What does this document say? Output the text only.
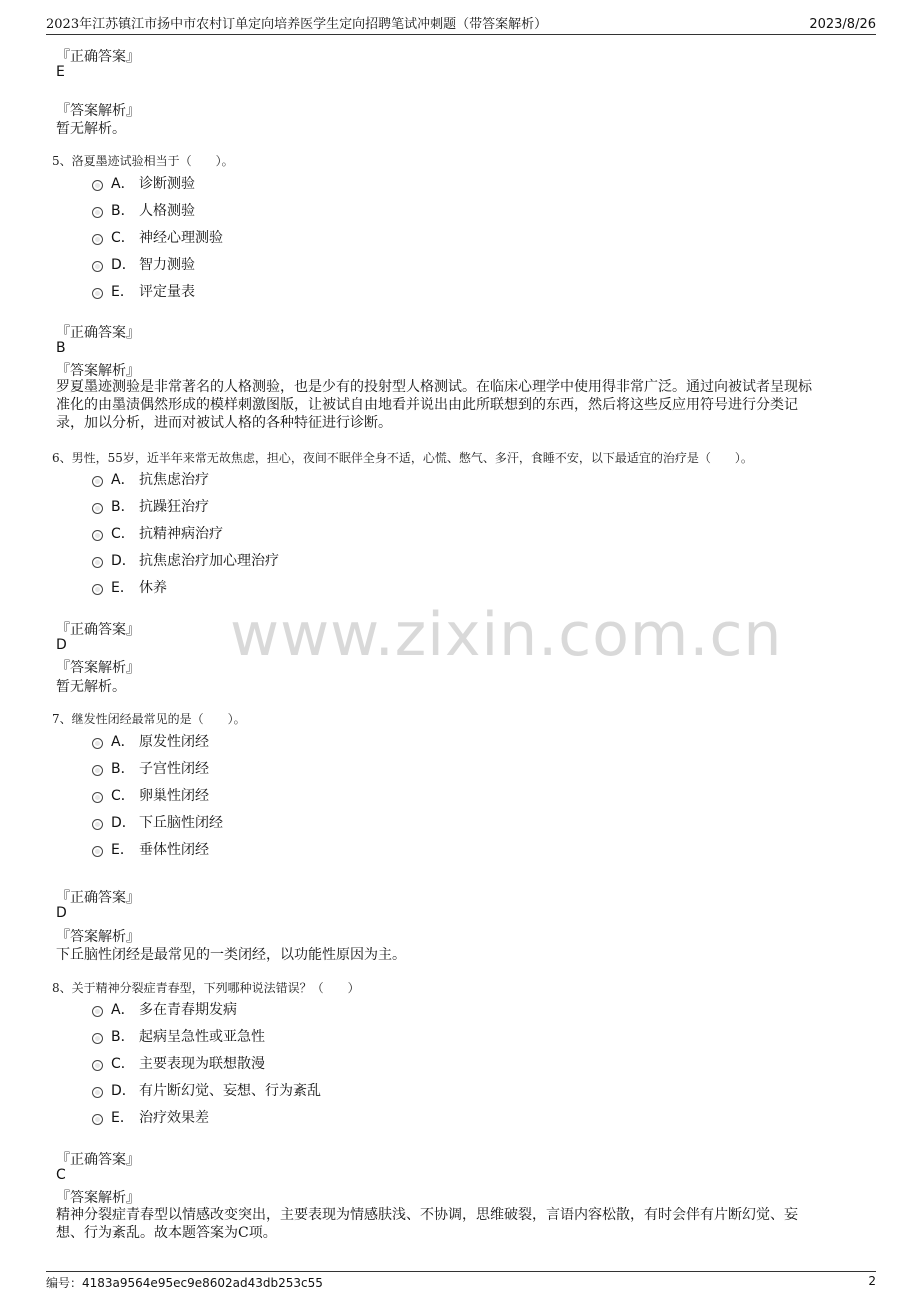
2023年江苏镇江市扬中市农村订单定向培养医学生定向招聘笔试冲刺题（带答案解析）	2023/8/26
www.zixin.com.cn
『正确答案』
E
『答案解析』
暂无解析。
5、洛夏墨迹试验相当于（　　）。
A． 诊断测验
B． 人格测验
C． 神经心理测验
D． 智力测验
E． 评定量表
『正确答案』
B
『答案解析』
罗夏墨迹测验是非常著名的人格测验，也是少有的投射型人格测试。在临床心理学中使用得非常广泛。通过向被试者呈现标
准化的由墨渍偶然形成的模样刺激图版，让被试自由地看并说出由此所联想到的东西，然后将这些反应用符号进行分类记
录，加以分析，进而对被试人格的各种特征进行诊断。
6、男性，55岁，近半年来常无故焦虑，担心，夜间不眠伴全身不适，心慌、憋气、多汗，食睡不安，以下最适宜的治疗是（　　）。
A． 抗焦虑治疗
B． 抗躁狂治疗
C． 抗精神病治疗
D． 抗焦虑治疗加心理治疗
E． 休养
『正确答案』
D
『答案解析』
暂无解析。
7、继发性闭经最常见的是（　　）。
A． 原发性闭经
B． 子宫性闭经
C． 卵巢性闭经
D． 下丘脑性闭经
E． 垂体性闭经
『正确答案』
D
『答案解析』
下丘脑性闭经是最常见的一类闭经，以功能性原因为主。
8、关于精神分裂症青春型，下列哪种说法错误？（　　）
A． 多在青春期发病
B． 起病呈急性或亚急性
C． 主要表现为联想散漫
D． 有片断幻觉、妄想、行为紊乱
E． 治疗效果差
『正确答案』
C
『答案解析』
精神分裂症青春型以情感改变突出，主要表现为情感肤浅、不协调，思维破裂，言语内容松散，有时会伴有片断幻觉、妄
想、行为紊乱。故本题答案为C项。
编号：4183a9564e95ec9e8602ad43db253c55	2
